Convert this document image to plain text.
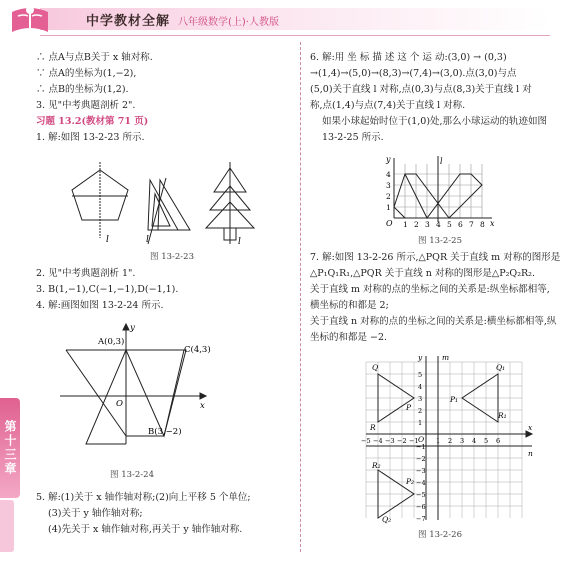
中学教材全解 八年级数学(上)·人教版
第十三章

∴ 点A与点B关于 x 轴对称.

∵ 点A的坐标为(1,−2),

∴ 点B的坐标为(1,2).

3. 见"中考典题剖析 2".

习题 13.2(教材第 71 页)

1. 解:如图 13-2-23 所示.

l	l	l
图 13-2-23

2. 见"中考典题剖析 1".

3. B(1,−1),C(−1,−1),D(−1,1).

4. 解:画图如图 13-2-24 所示.

A(0,3)
C(4,3)
B(3,−2)
O	x
y
图 13-2-24

5. 解:(1)关于 x 轴作轴对称;(2)向上平移 5 个单位;

(3)关于 y 轴作轴对称;

(4)先关于 x 轴作轴对称,再关于 y 轴作轴对称.

6. 解:用 坐 标 描 述 这 个 运 动:(3,0) → (0,3)

→(1,4)→(5,0)→(8,3)→(7,4)→(3,0).点(3,0)与点

(5,0)关于直线 l 对称,点(0,3)与点(8,3)关于直线 l 对

称,点(1,4)与点(7,4)关于直线 l 对称.

如果小球起始时位于(1,0)处,那么小球运动的轨迹如图

13-2-25 所示.

l
O	x
y
1 2 3 4 5 6 7 8
1
2
3
4
图 13-2-25

7. 解:如图 13-2-26 所示,△PQR 关于直线 m 对称的图形是

△P₁Q₁R₁,△PQR 关于直线 n 对称的图形是△P₂Q₂R₂.

关于直线 m 对称的点的坐标之间的关系是:纵坐标都相等,

横坐标的和都是 2;

关于直线 n 对称的点的坐标之间的关系是:横坐标都相等,纵

坐标的和都是 −2.

Q
P
R
Q₁
P₁
R₁
R₂
P₂
Q₂
m
n
x
y
O
−5 −4 −3 −2 −1	1 2 3 4 5 6
1
2
3
4
5
−1
−2
−3
−4
−5
−6
−7
图 13-2-26
